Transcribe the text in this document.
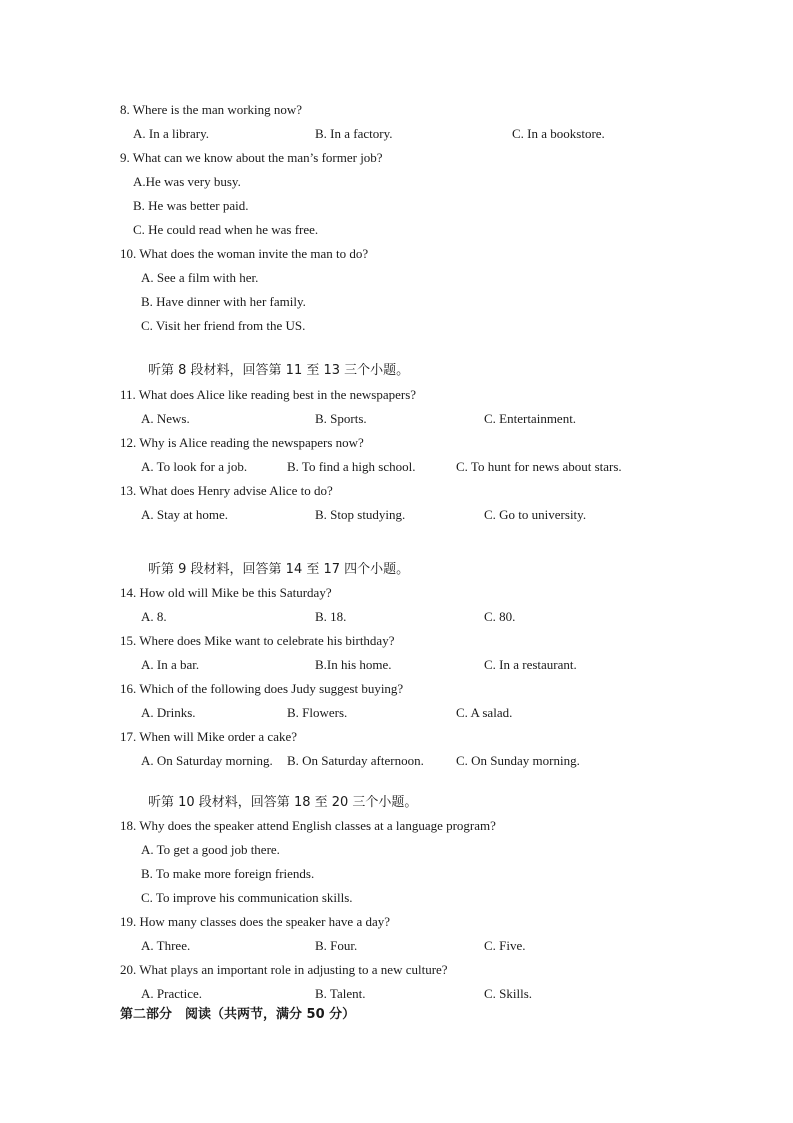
8. Where is the man working now?
A. In a library.	B. In a factory.	C. In a bookstore.
9. What can we know about the man’s former job?
A.He was very busy.
B. He was better paid.
C. He could read when he was free.
10. What does the woman invite the man to do?
A. See a film with her.
B. Have dinner with her family.
C. Visit her friend from the US.
听第 8 段材料，回答第 11 至 13 三个小题。
11. What does Alice like reading best in the newspapers?
A. News.	B. Sports.	C. Entertainment.
12. Why is Alice reading the newspapers now?
A. To look for a job.	B. To find a high school.	C. To hunt for news about stars.
13. What does Henry advise Alice to do?
A. Stay at home.	B. Stop studying.	C. Go to university.
听第 9 段材料，回答第 14 至 17 四个小题。
14. How old will Mike be this Saturday?
A. 8.	B. 18.	C. 80.
15. Where does Mike want to celebrate his birthday?
A. In a bar.	B.In his home.	C. In a restaurant.
16. Which of the following does Judy suggest buying?
A. Drinks.	B. Flowers.	C. A salad.
17. When will Mike order a cake?
A. On Saturday morning. B. On Saturday afternoon. C. On Sunday morning.
听第 10 段材料，回答第 18 至 20 三个小题。
18. Why does the speaker attend English classes at a language program?
A. To get a good job there.
B. To make more foreign friends.
C. To improve his communication skills.
19. How many classes does the speaker have a day?
A. Three.	B. Four.	C. Five.
20. What plays an important role in adjusting to a new culture?
A. Practice.	B. Talent.	C. Skills.
第二部分　阅读（共两节，满分 50 分）
